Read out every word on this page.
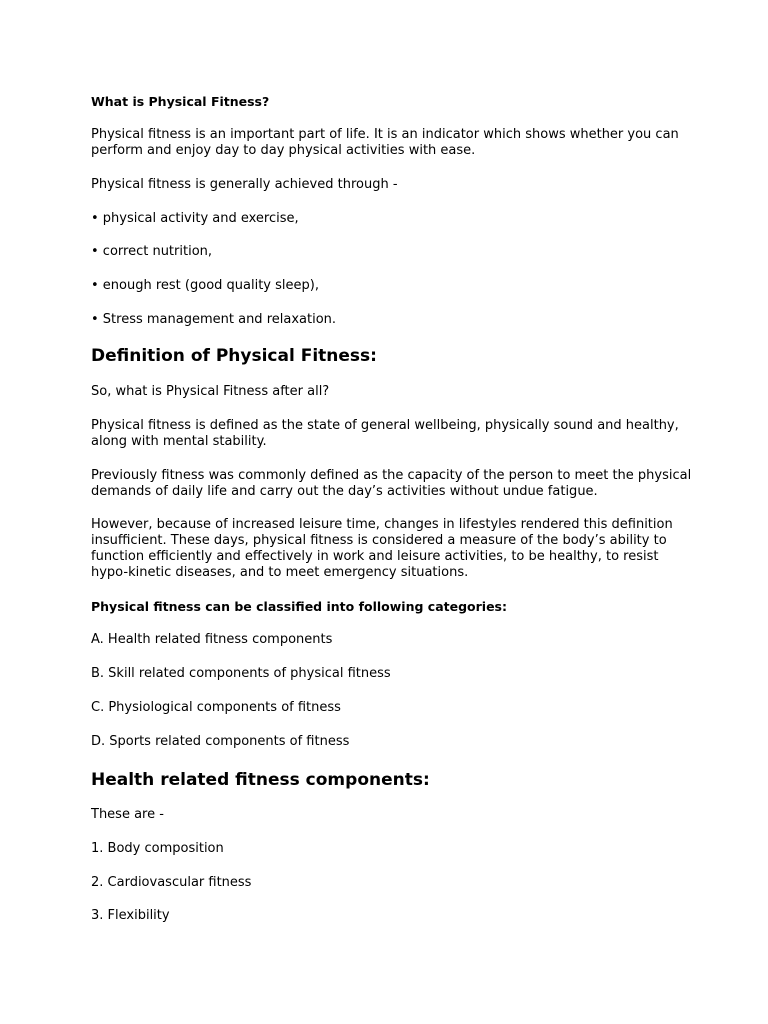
What is Physical Fitness?

Physical fitness is an important part of life. It is an indicator which shows whether you can

perform and enjoy day to day physical activities with ease.

Physical fitness is generally achieved through -

• physical activity and exercise,

• correct nutrition,

• enough rest (good quality sleep),

• Stress management and relaxation.

Definition of Physical Fitness:

So, what is Physical Fitness after all?

Physical fitness is defined as the state of general wellbeing, physically sound and healthy,

along with mental stability.

Previously fitness was commonly defined as the capacity of the person to meet the physical

demands of daily life and carry out the day’s activities without undue fatigue.

However, because of increased leisure time, changes in lifestyles rendered this definition

insufficient. These days, physical fitness is considered a measure of the body’s ability to

function efficiently and effectively in work and leisure activities, to be healthy, to resist

hypo-kinetic diseases, and to meet emergency situations.

Physical fitness can be classified into following categories:

A. Health related fitness components

B. Skill related components of physical fitness

C. Physiological components of fitness

D. Sports related components of fitness

Health related fitness components:

These are -

1. Body composition

2. Cardiovascular fitness

3. Flexibility
